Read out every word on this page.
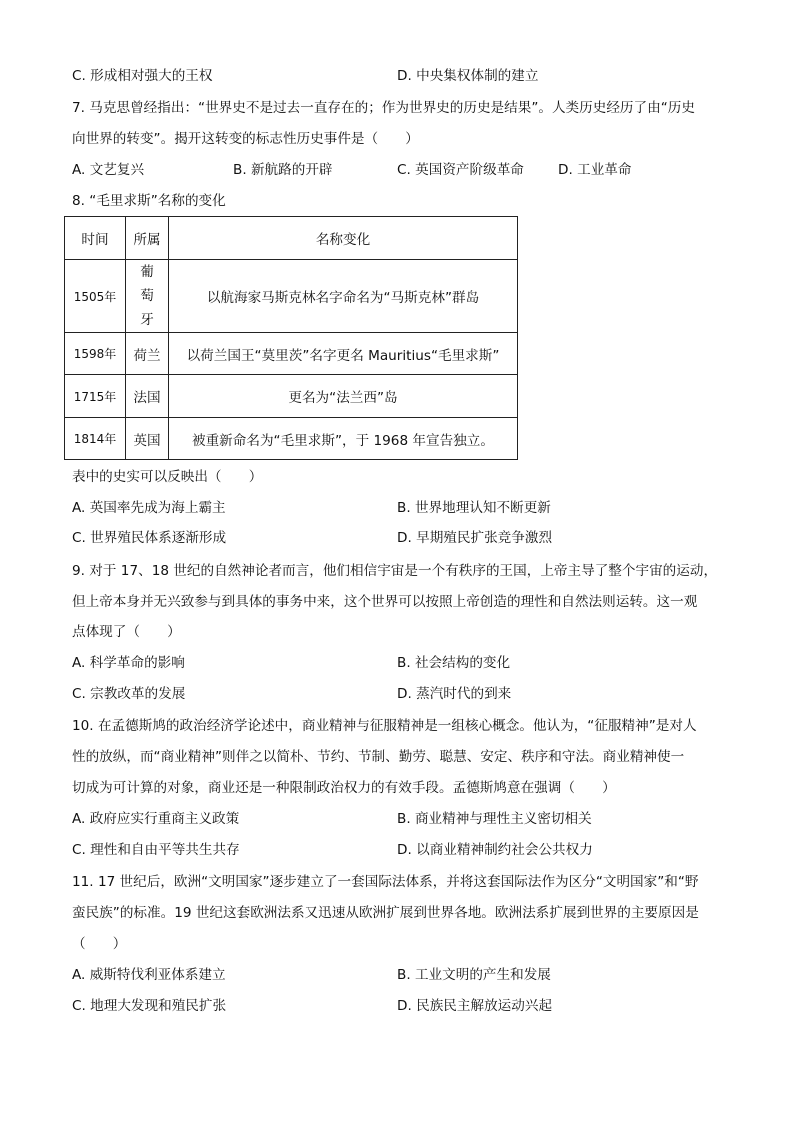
C. 形成相对强大的王权	D. 中央集权体制的建立
7. 马克思曾经指出：“世界史不是过去一直存在的；作为世界史的历史是结果”。人类历史经历了由“历史
向世界的转变”。揭开这转变的标志性历史事件是（　　）
A. 文艺复兴	B. 新航路的开辟	C. 英国资产阶级革命	D. 工业革命
8. “毛里求斯”名称的变化
时间	所属	名称变化
1505年	葡萄牙	以航海家马斯克林名字命名为“马斯克林”群岛
1598年	荷兰	以荷兰国王“莫里茨”名字更名 Mauritius“毛里求斯”
1715年	法国	更名为“法兰西”岛
1814年	英国	被重新命名为“毛里求斯”，于 1968 年宣告独立。
表中的史实可以反映出（　　）
A. 英国率先成为海上霸主	B. 世界地理认知不断更新
C. 世界殖民体系逐渐形成	D. 早期殖民扩张竞争激烈
9. 对于 17、18 世纪的自然神论者而言，他们相信宇宙是一个有秩序的王国，上帝主导了整个宇宙的运动，
但上帝本身并无兴致参与到具体的事务中来，这个世界可以按照上帝创造的理性和自然法则运转。这一观
点体现了（　　）
A. 科学革命的影响	B. 社会结构的变化
C. 宗教改革的发展	D. 蒸汽时代的到来
10. 在孟德斯鸠的政治经济学论述中，商业精神与征服精神是一组核心概念。他认为，“征服精神”是对人
性的放纵，而“商业精神”则伴之以简朴、节约、节制、勤劳、聪慧、安定、秩序和守法。商业精神使一
切成为可计算的对象，商业还是一种限制政治权力的有效手段。孟德斯鸠意在强调（　　）
A. 政府应实行重商主义政策	B. 商业精神与理性主义密切相关
C. 理性和自由平等共生共存	D. 以商业精神制约社会公共权力
11. 17 世纪后，欧洲“文明国家”逐步建立了一套国际法体系，并将这套国际法作为区分“文明国家”和“野
蛮民族”的标准。19 世纪这套欧洲法系又迅速从欧洲扩展到世界各地。欧洲法系扩展到世界的主要原因是
（　　）
A. 威斯特伐利亚体系建立	B. 工业文明的产生和发展
C. 地理大发现和殖民扩张	D. 民族民主解放运动兴起
